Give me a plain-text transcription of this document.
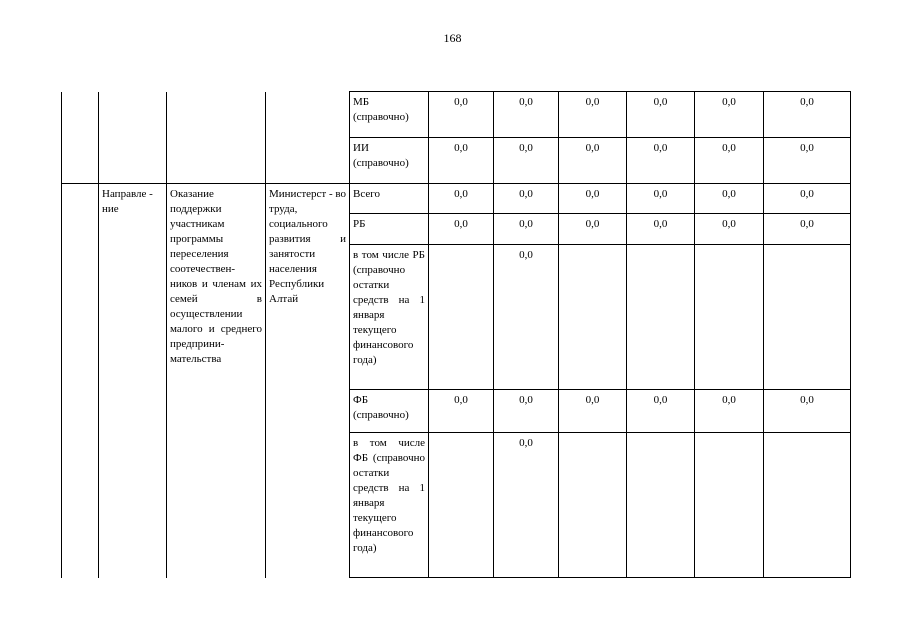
168
				МБ (справочно)	0,0	0,0	0,0	0,0	0,0	0,0
				ИИ (справочно)	0,0	0,0	0,0	0,0	0,0	0,0
	Направле - ние	Оказание поддержки участникам программы переселения соотечествен-ников и членам их семей в осуществлении малого и среднего предприни-мательства	Министерст - во труда, социального развития и занятости населения Республики Алтай	Всего	0,0	0,0	0,0	0,0	0,0	0,0
				РБ	0,0	0,0	0,0	0,0	0,0	0,0
				в том числе РБ (справочно остатки средств на 1 января текущего финансового года)		0,0				
				ФБ (справочно)	0,0	0,0	0,0	0,0	0,0	0,0
				в том числе ФБ (справочно остатки средств на 1 января текущего финансового года)		0,0				
